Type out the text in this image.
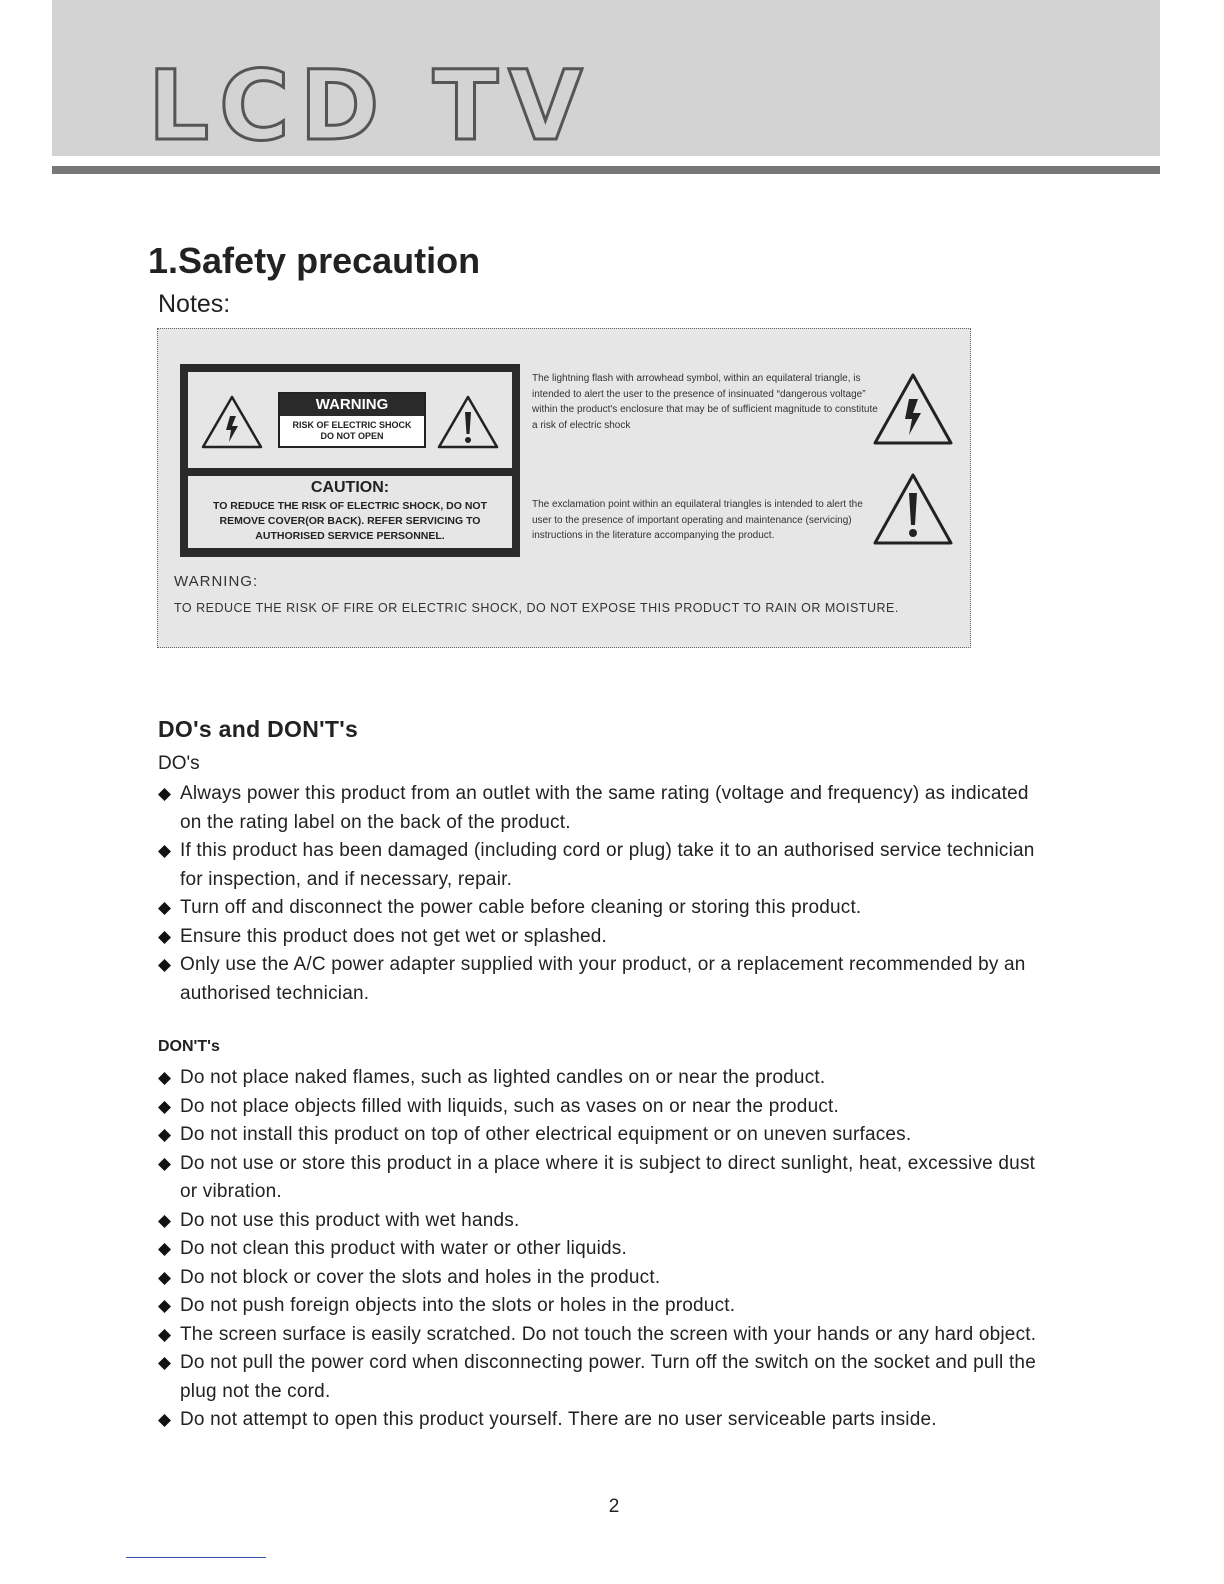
LCD TV
1.Safety precaution
Notes:
WARNING
RISK OF ELECTRIC SHOCK
DO NOT OPEN
CAUTION:
TO REDUCE THE RISK OF ELECTRIC SHOCK, DO NOT
REMOVE COVER(OR BACK). REFER SERVICING TO
AUTHORISED SERVICE PERSONNEL.
The lightning flash with arrowhead symbol, within an equilateral triangle, is intended to alert the user to the presence of insinuated “dangerous voltage” within the product's enclosure that may be of sufficient magnitude to constitute a risk of electric shock
The exclamation point within an equilateral triangles is intended to alert the user to the presence of important operating and maintenance (servicing) instructions in the literature accompanying the product.
WARNING:
TO REDUCE THE RISK OF FIRE OR ELECTRIC SHOCK, DO NOT EXPOSE THIS PRODUCT TO RAIN OR MOISTURE.
DO's and DON'T's
DO's
Always power this product from an outlet with the same rating (voltage and frequency) as indicated on the rating label on the back of the product.
If this product has been damaged (including cord or plug) take it to an authorised service technician for inspection, and if necessary, repair.
Turn off and disconnect the power cable before cleaning or storing this product.
Ensure this product does not get wet or splashed.
Only use the A/C power adapter supplied with your product, or a replacement recommended by an authorised technician.
DON'T's
Do not place naked flames, such as lighted candles on or near the product.
Do not place objects filled with liquids, such as vases on or near the product.
Do not install this product on top of other electrical equipment or on uneven surfaces.
Do not use or store this product in a place where it is subject to direct sunlight, heat, excessive dust or vibration.
Do not use this product with wet hands.
Do not clean this product with water or other liquids.
Do not block or cover the slots and holes in the product.
Do not push foreign objects into the slots or holes in the product.
The screen surface is easily scratched. Do not touch the screen with your hands or any hard object.
Do not pull the power cord when disconnecting power. Turn off the switch on the socket and pull the plug not the cord.
Do not attempt to open this product yourself. There are no user serviceable parts inside.
2
